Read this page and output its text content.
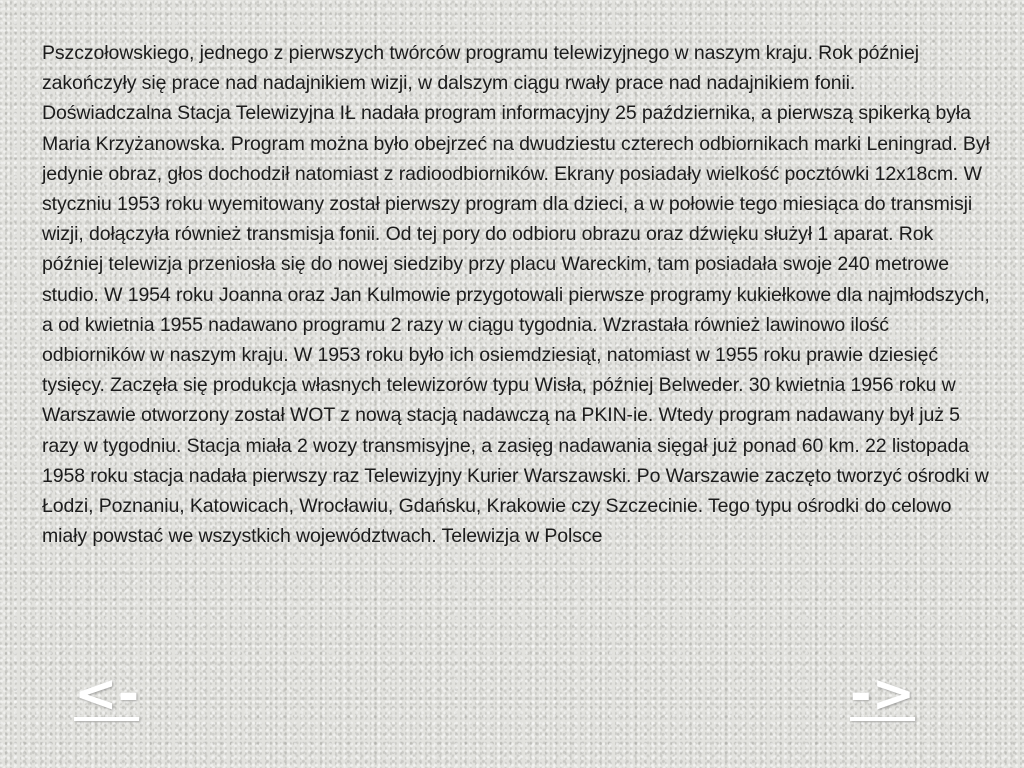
Pszczołowskiego, jednego z pierwszych twórców programu telewizyjnego w naszym kraju. Rok później zakończyły się prace nad nadajnikiem wizji, w dalszym ciągu rwały prace nad nadajnikiem fonii. Doświadczalna Stacja Telewizyjna IŁ nadała program informacyjny 25 października, a pierwszą spikerką była Maria Krzyżanowska. Program można było obejrzeć na dwudziestu czterech odbiornikach marki Leningrad. Był jedynie obraz, głos dochodził natomiast z radioodbiorników. Ekrany posiadały wielkość pocztówki 12x18cm. W styczniu 1953 roku wyemitowany został pierwszy program dla dzieci, a w połowie tego miesiąca do transmisji wizji, dołączyła również transmisja fonii. Od tej pory do odbioru obrazu oraz dźwięku służył 1 aparat. Rok później telewizja przeniosła się do nowej siedziby przy placu Wareckim, tam posiadała swoje 240 metrowe studio. W 1954 roku Joanna oraz Jan Kulmowie przygotowali pierwsze programy kukiełkowe dla najmłodszych, a od kwietnia 1955 nadawano programu 2 razy w ciągu tygodnia. Wzrastała również lawinowo ilość odbiorników w naszym kraju. W 1953 roku było ich osiemdziesiąt, natomiast w 1955 roku prawie dziesięć tysięcy. Zaczęła się produkcja własnych telewizorów typu Wisła, później Belweder. 30 kwietnia 1956 roku w Warszawie otworzony został WOT z nową stacją nadawczą na PKIN-ie. Wtedy program nadawany był już 5 razy w tygodniu. Stacja miała 2 wozy transmisyjne, a zasięg nadawania sięgał już ponad 60 km. 22 listopada 1958 roku stacja nadała pierwszy raz Telewizyjny Kurier Warszawski. Po Warszawie zaczęto tworzyć ośrodki w Łodzi, Poznaniu, Katowicach, Wrocławiu, Gdańsku, Krakowie czy Szczecinie. Tego typu ośrodki do celowo miały powstać we wszystkich województwach. Telewizja w Polsce

<-	->
